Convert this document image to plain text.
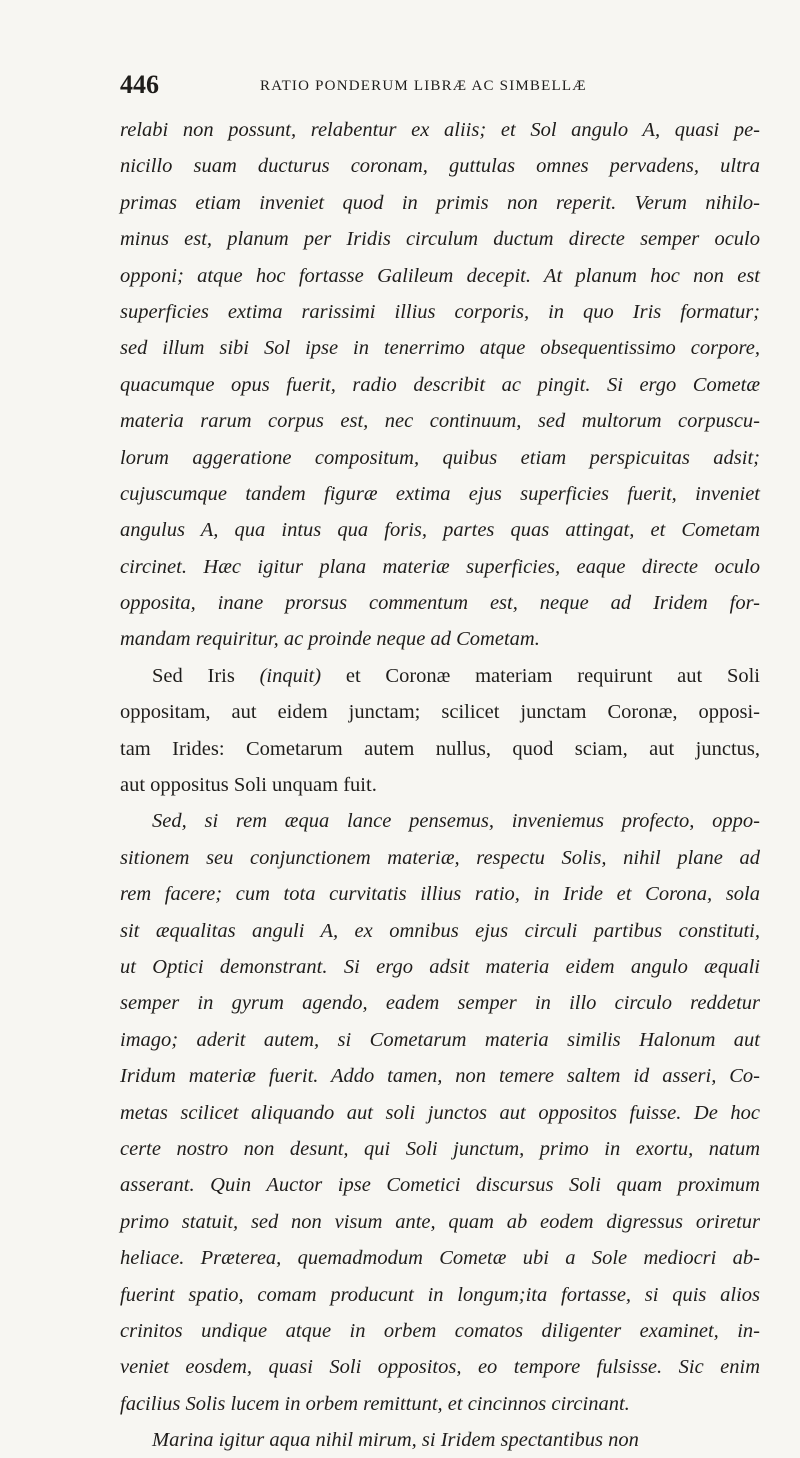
446	RATIO PONDERUM LIBRÆ AC SIMBELLÆ
relabi non possunt, relabentur ex aliis; et Sol angulo A, quasi pe-
nicillo suam ducturus coronam, guttulas omnes pervadens, ultra
primas etiam inveniet quod in primis non reperit. Verum nihilo-
minus est, planum per Iridis circulum ductum directe semper oculo
opponi; atque hoc fortasse Galileum decepit. At planum hoc non est
superficies extima rarissimi illius corporis, in quo Iris formatur;
sed illum sibi Sol ipse in tenerrimo atque obsequentissimo corpore,
quacumque opus fuerit, radio describit ac pingit. Si ergo Cometæ
materia rarum corpus est, nec continuum, sed multorum corpuscu-
lorum aggeratione compositum, quibus etiam perspicuitas adsit;
cujuscumque tandem figuræ extima ejus superficies fuerit, inveniet
angulus A, qua intus qua foris, partes quas attingat, et Cometam
circinet. Hæc igitur plana materiæ superficies, eaque directe oculo
opposita, inane prorsus commentum est, neque ad Iridem for-
mandam requiritur, ac proinde neque ad Cometam.
Sed Iris (inquit) et Coronæ materiam requirunt aut Soli
oppositam, aut eidem junctam; scilicet junctam Coronæ, opposi-
tam Irides: Cometarum autem nullus, quod sciam, aut junctus,
aut oppositus Soli unquam fuit.
Sed, si rem æqua lance pensemus, inveniemus profecto, oppo-
sitionem seu conjunctionem materiæ, respectu Solis, nihil plane ad
rem facere; cum tota curvitatis illius ratio, in Iride et Corona, sola
sit æqualitas anguli A, ex omnibus ejus circuli partibus constituti,
ut Optici demonstrant. Si ergo adsit materia eidem angulo æquali
semper in gyrum agendo, eadem semper in illo circulo reddetur
imago; aderit autem, si Cometarum materia similis Halonum aut
Iridum materiæ fuerit. Addo tamen, non temere saltem id asseri, Co-
metas scilicet aliquando aut soli junctos aut oppositos fuisse. De hoc
certe nostro non desunt, qui Soli junctum, primo in exortu, natum
asserant. Quin Auctor ipse Cometici discursus Soli quam proximum
primo statuit, sed non visum ante, quam ab eodem digressus oriretur
heliace. Præterea, quemadmodum Cometæ ubi a Sole mediocri ab-
fuerint spatio, comam producunt in longum;ita fortasse, si quis alios
crinitos undique atque in orbem comatos diligenter examinet, in-
veniet eosdem, quasi Soli oppositos, eo tempore fulsisse. Sic enim
facilius Solis lucem in orbem remittunt, et cincinnos circinant.
Marina igitur aqua nihil mirum, si Iridem spectantibus non
